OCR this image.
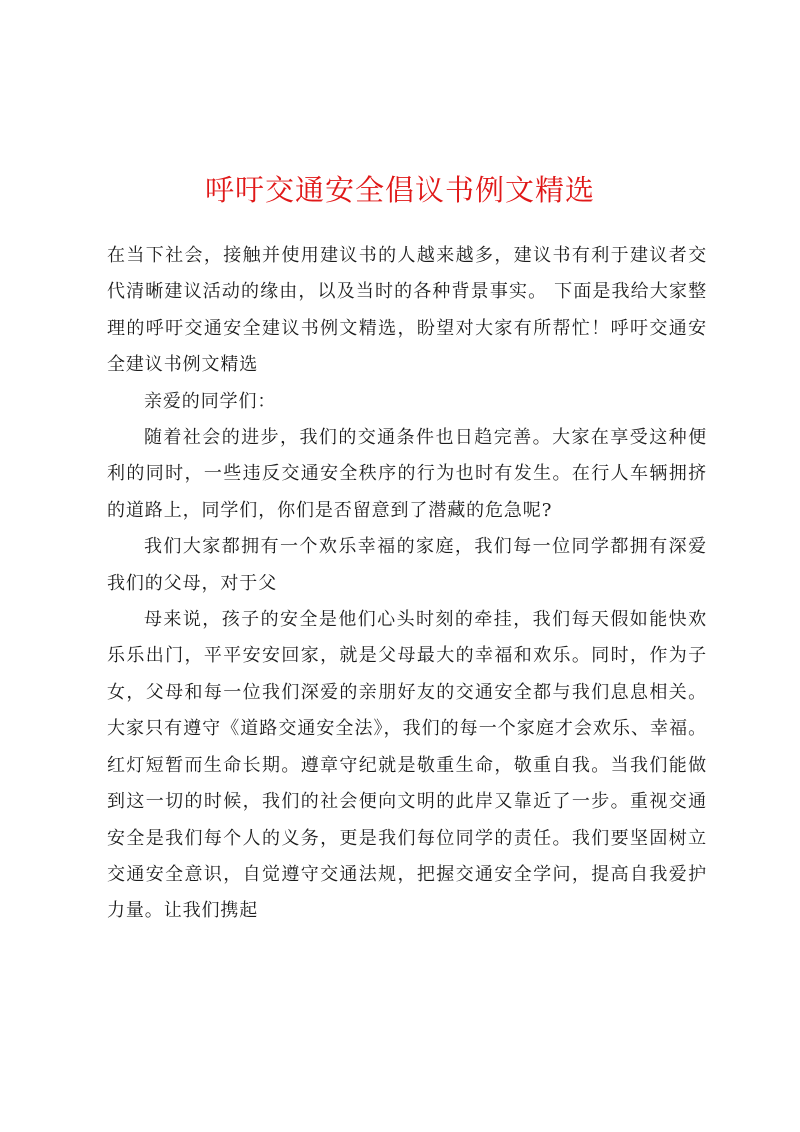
呼吁交通安全倡议书例文精选

在当下社会，接触并使用建议书的人越来越多，建议书有利于建议者交代清晰建议活动的缘由，以及当时的各种背景事实。 下面是我给大家整理的呼吁交通安全建议书例文精选，盼望对大家有所帮忙！呼吁交通安全建议书例文精选

亲爱的同学们：

随着社会的进步，我们的交通条件也日趋完善。大家在享受这种便利的同时，一些违反交通安全秩序的行为也时有发生。在行人车辆拥挤的道路上，同学们，你们是否留意到了潜藏的危急呢?

我们大家都拥有一个欢乐幸福的家庭，我们每一位同学都拥有深爱我们的父母，对于父

母来说，孩子的安全是他们心头时刻的牵挂，我们每天假如能快欢乐乐出门，平平安安回家，就是父母最大的幸福和欢乐。同时，作为子女，父母和每一位我们深爱的亲朋好友的交通安全都与我们息息相关。大家只有遵守《道路交通安全法》，我们的每一个家庭才会欢乐、幸福。红灯短暂而生命长期。遵章守纪就是敬重生命，敬重自我。当我们能做到这一切的时候，我们的社会便向文明的此岸又靠近了一步。重视交通安全是我们每个人的义务，更是我们每位同学的责任。我们要坚固树立交通安全意识，自觉遵守交通法规，把握交通安全学问，提高自我爱护力量。让我们携起
